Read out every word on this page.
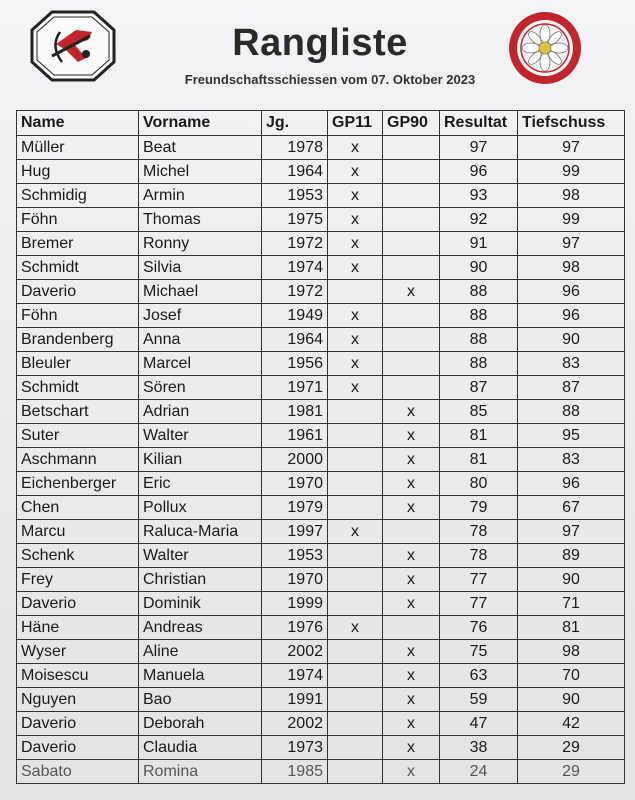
Rangliste
Freundschaftsschiessen vom 07. Oktober 2023
Name	Vorname	Jg.	GP11	GP90	Resultat	Tiefschuss
Müller	Beat	1978	x		97	97
Hug	Michel	1964	x		96	99
Schmidig	Armin	1953	x		93	98
Föhn	Thomas	1975	x		92	99
Bremer	Ronny	1972	x		91	97
Schmidt	Silvia	1974	x		90	98
Daverio	Michael	1972		x	88	96
Föhn	Josef	1949	x		88	96
Brandenberg	Anna	1964	x		88	90
Bleuler	Marcel	1956	x		88	83
Schmidt	Sören	1971	x		87	87
Betschart	Adrian	1981		x	85	88
Suter	Walter	1961		x	81	95
Aschmann	Kilian	2000		x	81	83
Eichenberger	Eric	1970		x	80	96
Chen	Pollux	1979		x	79	67
Marcu	Raluca-Maria	1997	x		78	97
Schenk	Walter	1953		x	78	89
Frey	Christian	1970		x	77	90
Daverio	Dominik	1999		x	77	71
Häne	Andreas	1976	x		76	81
Wyser	Aline	2002		x	75	98
Moisescu	Manuela	1974		x	63	70
Nguyen	Bao	1991		x	59	90
Daverio	Deborah	2002		x	47	42
Daverio	Claudia	1973		x	38	29
Sabato	Romina	1985		x	24	29
